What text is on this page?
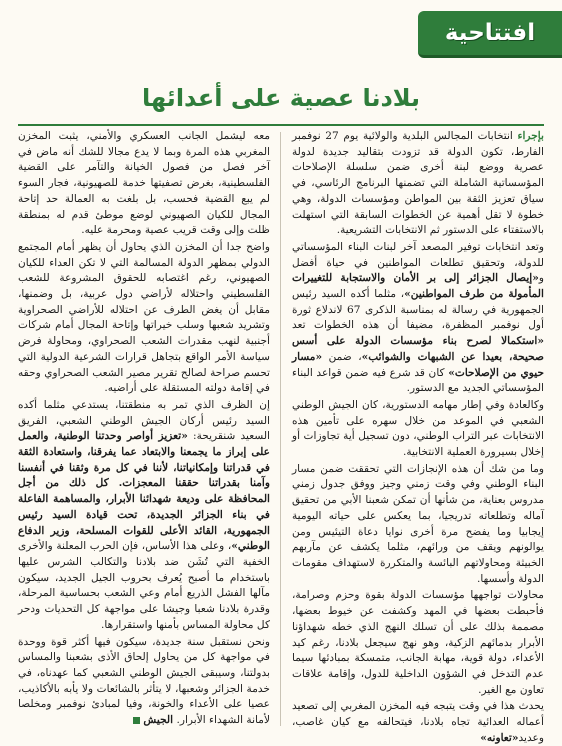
افتتاحية
بلادنا عصية على أعدائها

بإجراء انتخابات المجالس البلدية والولائية يوم 27 نوفمبر الفارط، تكون الدولة قد تزودت بتقاليد جديدة لدولة عصرية ووضع لبنة أخرى ضمن سلسلة الإصلاحات المؤسساتية الشاملة التي تضمنها البرنامج الرئاسي، في سياق تعزيز الثقة بين المواطن ومؤسسات الدولة، وهي خطوة لا تقل أهمية عن الخطوات السابقة التي استهلت بالاستفتاء على الدستور ثم الانتخابات التشريعية.

وتعد انتخابات توفير المصعد آخر لبنات البناء المؤسساتي للدولة، وتحقيق تطلعات المواطنين في حياة أفضل و«إيصال الجزائر إلى بر الأمان والاستجابة للتغييرات المأمولة من طرف المواطنين»، مثلما أكده السيد رئيس الجمهورية في رسالة له بمناسبة الذكرى 67 لاندلاع ثورة أول نوفمبر المظفرة، مضيفا أن هذه الخطوات تعد «استكمالا لصرح بناء مؤسسات الدولة على أسس صحيحة، بعيدا عن الشبهات والشوائب»، ضمن «مسار حيوي من الإصلاحات» كان قد شرع فيه ضمن قواعد البناء المؤسساتي الجديد مع الدستور.

وكالعادة وفي إطار مهامه الدستورية، كان الجيش الوطني الشعبي في الموعد من خلال سهره على تأمين هذه الانتخابات عبر التراب الوطني، دون تسجيل أية تجاوزات أو إخلال بسيرورة العملية الانتخابية.

وما من شك أن هذه الإنجازات التي تحققت ضمن مسار البناء الوطني وفي وقت زمني وجيز ووفق جدول زمني مدروس بعناية، من شأنها أن تمكن شعبنا الأبي من تحقيق آماله وتطلعاته تدريجيا، بما يعكس على حياته اليومية إيجابيا وما يفضح مرة أخرى نوايا دعاة التيئيس ومن يوالونهم ويقف من ورائهم، مثلما يكشف عن مآربهم الخبيثة ومحاولاتهم البائسة والمتكررة لاستهداف مقومات الدولة وأسسها.

محاولات تواجهها مؤسسات الدولة بقوة وحزم وصرامة، فأحبطت بعضها في المهد وكشفت عن خيوط بعضها، مصممة بذلك على أن تسلك النهج الذي خطه شهداؤنا الأبرار بدمائهم الزكية، وهو نهج سيجعل بلادنا، رغم كيد الأعداء، دولة قوية، مهابة الجانب، متمسكة بمبادئها سيما عدم التدخل في الشؤون الداخلية للدول، وإقامة علاقات تعاون مع الغير.

يحدث هذا في وقت يتبجه فيه المخزن المغربي إلى تصعيد أعماله العدائية تجاه بلادنا، فيتحالفه مع كيان غاصب، وعديد«تعاونه»

معه ليشمل الجانب العسكري والأمني، يثبت المخزن المغربي هذه المرة وبما لا يدع مجالا للشك أنه ماض في آخر فصل من فصول الخيانة والتآمر على القضية الفلسطينية، بغرض تصفيتها خدمة للصهيونية، فجار السوء لم يبع القضية فحسب، بل بلغت به العمالة حد إتاحة المجال للكيان الصهيوني لوضع موطئ قدم له بمنطقة ظلت وإلى وقت قريب عصية ومحرمة عليه.

واضح جدا أن المخزن الذي يحاول أن يظهر أمام المجتمع الدولي بمظهر الدولة المسالمة التي لا تكن العداء للكيان الصهيوني، رغم اغتصابه للحقوق المشروعة للشعب الفلسطيني واحتلاله لأراضي دول عربية، بل وضمنها، مقابل أن يغض الطرف عن احتلاله للأراضي الصحراوية وتشريد شعبها وسلب خيراتها وإتاحة المجال أمام شركات أجنبية لنهب مقدرات الشعب الصحراوي، ومحاولة فرض سياسة الأمر الواقع بتجاهل قرارات الشرعية الدولية التي تحسم صراحة لصالح تقرير مصير الشعب الصحراوي وحقه في إقامة دولته المستقلة على أراضيه.

إن الظرف الذي تمر به منطقتنا، يستدعي مثلما أكده السيد رئيس أركان الجيش الوطني الشعبي، الفريق السعيد شنقريحة: «تعزيز أواصر وحدتنا الوطنية، والعمل على إبراز ما يجمعنا والابتعاد عما يفرقنا، واستعادة الثقة في قدراتنا وإمكانياتنا، لأننا في كل مرة وثقنا في أنفسنا وآمنا بقدراتنا حققنا المعجزات. كل ذلك من أجل المحافظة على وديعة شهدائنا الأبرار، والمساهمة الفاعلة في بناء الجزائر الجديدة، تحت قيادة السيد رئيس الجمهورية، القائد الأعلى للقوات المسلحة، وزير الدفاع الوطني»، وعلى هذا الأساس، فإن الحرب المعلنة والأخرى الخفية التي تُشَن ضد بلادنا والتكالب الشرس عليها باستخدام ما أصبح يُعرف بحروب الجيل الجديد، سيكون مآلها الفشل الذريع أمام وعي الشعب بحساسية المرحلة، وقدرة بلادنا شعبا وجيشا على مواجهة كل التحديات ودحر كل محاولة المساس بأمنها واستقرارها.

ونحن نستقبل سنة جديدة، سيكون فيها أكثر قوة ووحدة في مواجهة كل من يحاول إلحاق الأذى بشعبنا والمساس بدولتنا، وسيبقى الجيش الوطني الشعبي كما عهدناه، في خدمة الجزائر وشعبها، لا يتأثر بالشائعات ولا يأبه بالأكاذيب، عصيا على الأعداء والخونة، وفيا لمبادئ نوفمبر ومخلصا لأمانة الشهداء الأبرار. الجيش
